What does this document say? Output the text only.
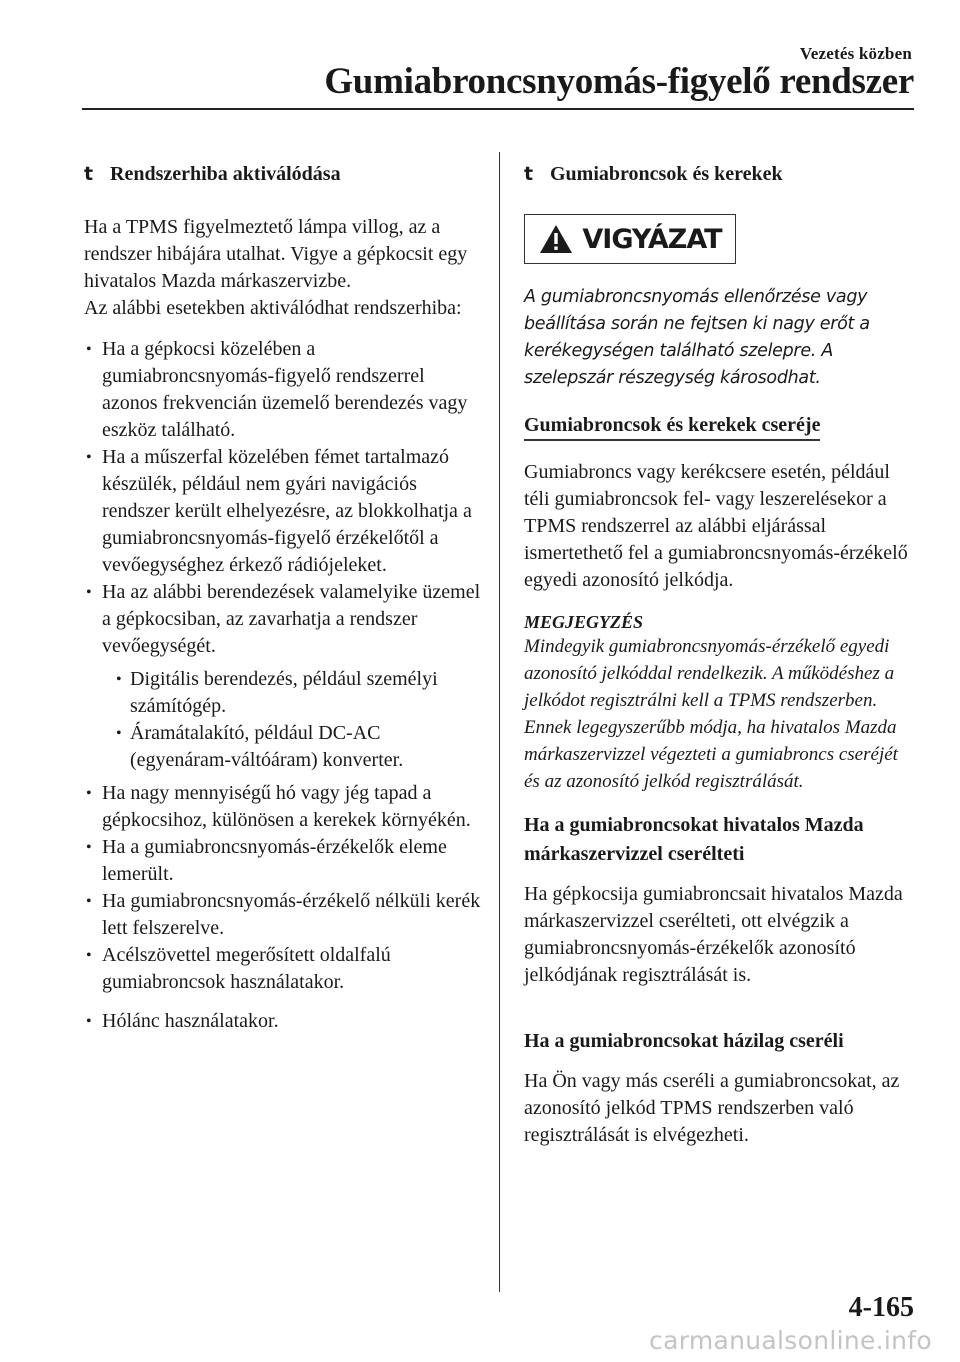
Vezetés közben
Gumiabroncsnyomás-figyelő rendszer
t Rendszerhiba aktiválódása

Ha a TPMS figyelmeztető lámpa villog, az a rendszer hibájára utalhat. Vigye a gépkocsit egy hivatalos Mazda márkaszervizbe.

Az alábbi esetekben aktiválódhat rendszerhiba:

• Ha a gépkocsi közelében a gumiabroncsnyomás-figyelő rendszerrel azonos frekvencián üzemelő berendezés vagy eszköz található.
• Ha a műszerfal közelében fémet tartalmazó készülék, például nem gyári navigációs rendszer került elhelyezésre, az blokkolhatja a gumiabroncsnyomás-figyelő érzékelőtől a vevőegységhez érkező rádiójeleket.
• Ha az alábbi berendezések valamelyike üzemel a gépkocsiban, az zavarhatja a rendszer vevőegységét.
• Digitális berendezés, például személyi számítógép.
• Áramátalakító, például DC-AC (egyenáram-váltóáram) konverter.
• Ha nagy mennyiségű hó vagy jég tapad a gépkocsihoz, különösen a kerekek környékén.
• Ha a gumiabroncsnyomás-érzékelők eleme lemerült.
• Ha gumiabroncsnyomás-érzékelő nélküli kerék lett felszerelve.
• Acélszövettel megerősített oldalfalú gumiabroncsok használatakor.
• Hólánc használatakor.
t Gumiabroncsok és kerekek
VIGYÁZAT

A gumiabroncsnyomás ellenőrzése vagy beállítása során ne fejtsen ki nagy erőt a kerékegységen található szelepre. A szelepszár részegység károsodhat.

Gumiabroncsok és kerekek cseréje

Gumiabroncs vagy kerékcsere esetén, például téli gumiabroncsok fel- vagy leszerelésekor a TPMS rendszerrel az alábbi eljárással ismertethető fel a gumiabroncsnyomás-érzékelő egyedi azonosító jelkódja.

MEGJEGYZÉS

Mindegyik gumiabroncsnyomás-érzékelő egyedi azonosító jelkóddal rendelkezik. A működéshez a jelkódot regisztrálni kell a TPMS rendszerben. Ennek legegyszerűbb módja, ha hivatalos Mazda márkaszervizzel végezteti a gumiabroncs cseréjét és az azonosító jelkód regisztrálását.

Ha a gumiabroncsokat hivatalos Mazda márkaszervizzel cserélteti

Ha gépkocsija gumiabroncsait hivatalos Mazda márkaszervizzel cserélteti, ott elvégzik a gumiabroncsnyomás-érzékelők azonosító jelkódjának regisztrálását is.

Ha a gumiabroncsokat házilag cseréli

Ha Ön vagy más cseréli a gumiabroncsokat, az azonosító jelkód TPMS rendszerben való regisztrálását is elvégezheti.

4-165
carmanualsonline.info
